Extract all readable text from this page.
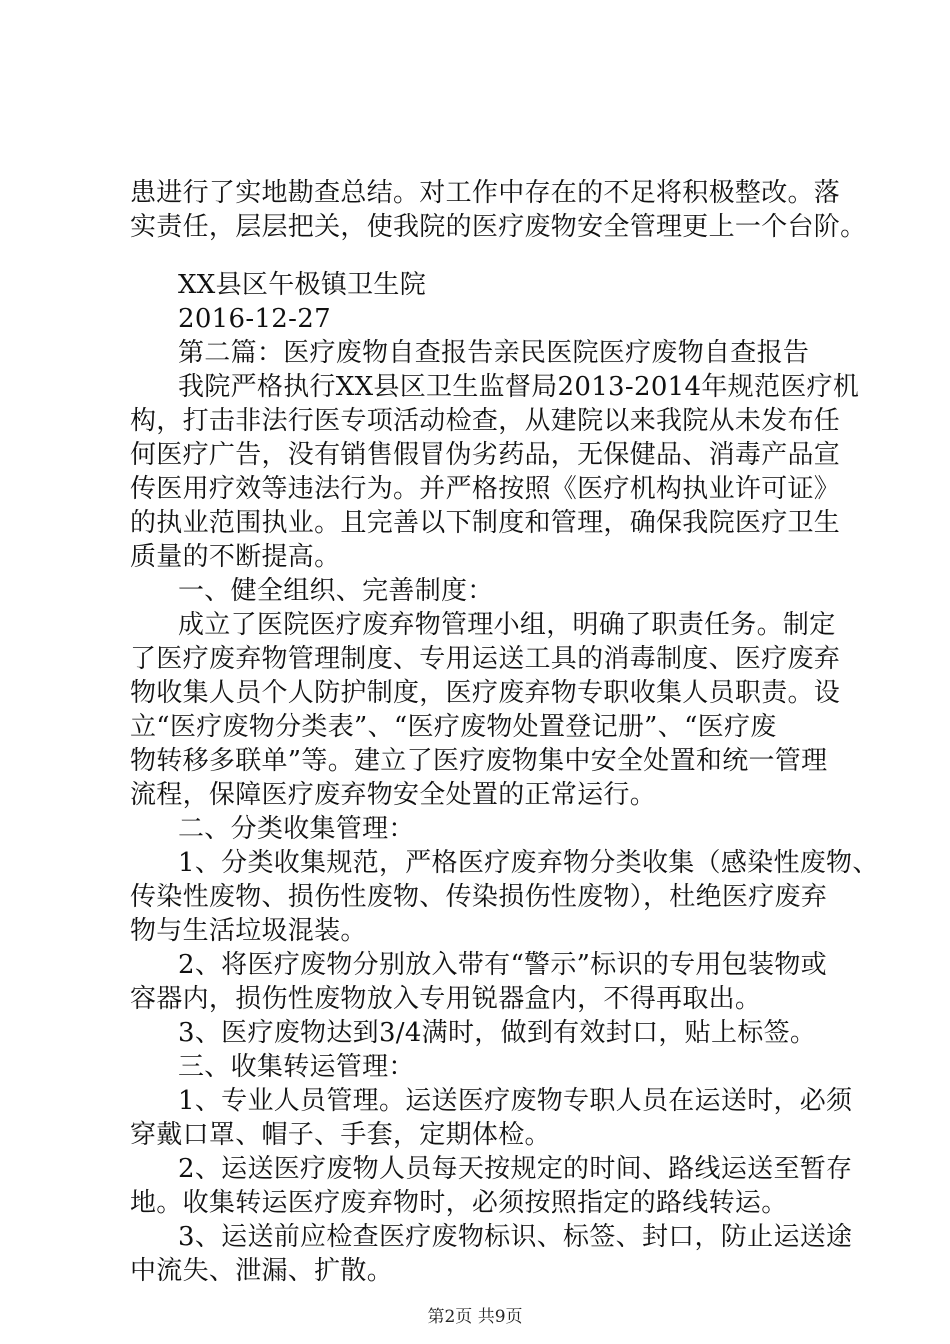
患进行了实地勘查总结。对工作中存在的不足将积极整改。落
实责任，层层把关，使我院的医疗废物安全管理更上一个台阶。
XX县区午极镇卫生院
2016-12-27
第二篇：医疗废物自查报告亲民医院医疗废物自查报告
我院严格执行XX县区卫生监督局2013-2014年规范医疗机
构，打击非法行医专项活动检查，从建院以来我院从未发布任
何医疗广告，没有销售假冒伪劣药品，无保健品、消毒产品宣
传医用疗效等违法行为。并严格按照《医疗机构执业许可证》
的执业范围执业。且完善以下制度和管理，确保我院医疗卫生
质量的不断提高。
一、健全组织、完善制度：
成立了医院医疗废弃物管理小组，明确了职责任务。制定
了医疗废弃物管理制度、专用运送工具的消毒制度、医疗废弃
物收集人员个人防护制度，医疗废弃物专职收集人员职责。设
立“医疗废物分类表”、“医疗废物处置登记册”、“医疗废
物转移多联单”等。建立了医疗废物集中安全处置和统一管理
流程，保障医疗废弃物安全处置的正常运行。
二、分类收集管理：
1、分类收集规范，严格医疗废弃物分类收集（感染性废物、
传染性废物、损伤性废物、传染损伤性废物），杜绝医疗废弃
物与生活垃圾混装。
2、将医疗废物分别放入带有“警示”标识的专用包装物或
容器内，损伤性废物放入专用锐器盒内，不得再取出。
3、医疗废物达到3/4满时，做到有效封口，贴上标签。
三、收集转运管理：
1、专业人员管理。运送医疗废物专职人员在运送时，必须
穿戴口罩、帽子、手套，定期体检。
2、运送医疗废物人员每天按规定的时间、路线运送至暂存
地。收集转运医疗废弃物时，必须按照指定的路线转运。
3、运送前应检查医疗废物标识、标签、封口，防止运送途
中流失、泄漏、扩散。
第2页 共9页
